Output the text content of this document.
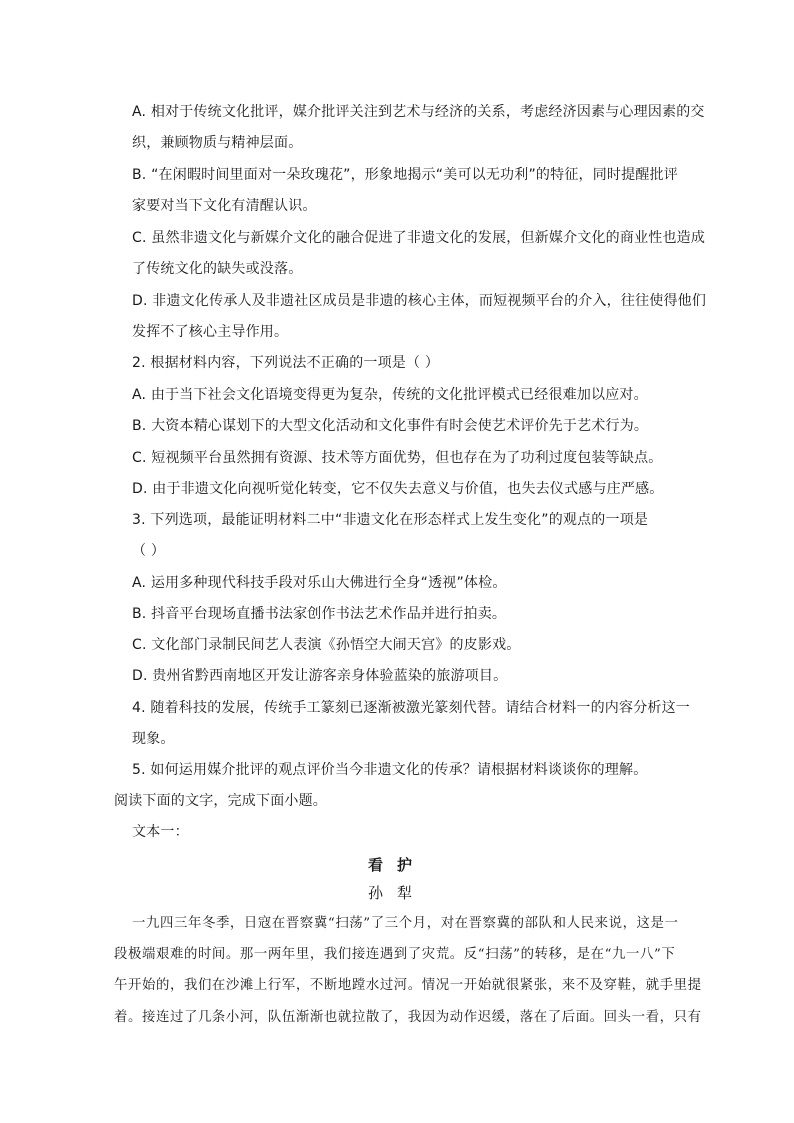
A. 相对于传统文化批评，媒介批评关注到艺术与经济的关系，考虑经济因素与心理因素的交
织，兼顾物质与精神层面。
B. “在闲暇时间里面对一朵玫瑰花”，形象地揭示“美可以无功利”的特征，同时提醒批评
家要对当下文化有清醒认识。
C. 虽然非遗文化与新媒介文化的融合促进了非遗文化的发展，但新媒介文化的商业性也造成
了传统文化的缺失或没落。
D. 非遗文化传承人及非遗社区成员是非遗的核心主体，而短视频平台的介入，往往使得他们
发挥不了核心主导作用。
2. 根据材料内容，下列说法不正确的一项是（ ）
A. 由于当下社会文化语境变得更为复杂，传统的文化批评模式已经很难加以应对。
B. 大资本精心谋划下的大型文化活动和文化事件有时会使艺术评价先于艺术行为。
C. 短视频平台虽然拥有资源、技术等方面优势，但也存在为了功利过度包装等缺点。
D. 由于非遗文化向视听觉化转变，它不仅失去意义与价值，也失去仪式感与庄严感。
3. 下列选项，最能证明材料二中“非遗文化在形态样式上发生变化”的观点的一项是
（ ）
A. 运用多种现代科技手段对乐山大佛进行全身“透视”体检。
B. 抖音平台现场直播书法家创作书法艺术作品并进行拍卖。
C. 文化部门录制民间艺人表演《孙悟空大闹天宫》的皮影戏。
D. 贵州省黔西南地区开发让游客亲身体验蓝染的旅游项目。
4. 随着科技的发展，传统手工篆刻已逐渐被激光篆刻代替。请结合材料一的内容分析这一
现象。
5. 如何运用媒介批评的观点评价当今非遗文化的传承？请根据材料谈谈你的理解。
阅读下面的文字，完成下面小题。
文本一：
看护
孙犁
一九四三年冬季，日寇在晋察冀“扫荡”了三个月，对在晋察冀的部队和人民来说，这是一
段极端艰难的时间。那一两年里，我们接连遇到了灾荒。反“扫荡”的转移，是在“九一八”下
午开始的，我们在沙滩上行军，不断地蹚水过河。情况一开始就很紧张，来不及穿鞋，就手里提
着。接连过了几条小河，队伍渐渐也就拉散了，我因为动作迟缓，落在了后面。回头一看，只有
